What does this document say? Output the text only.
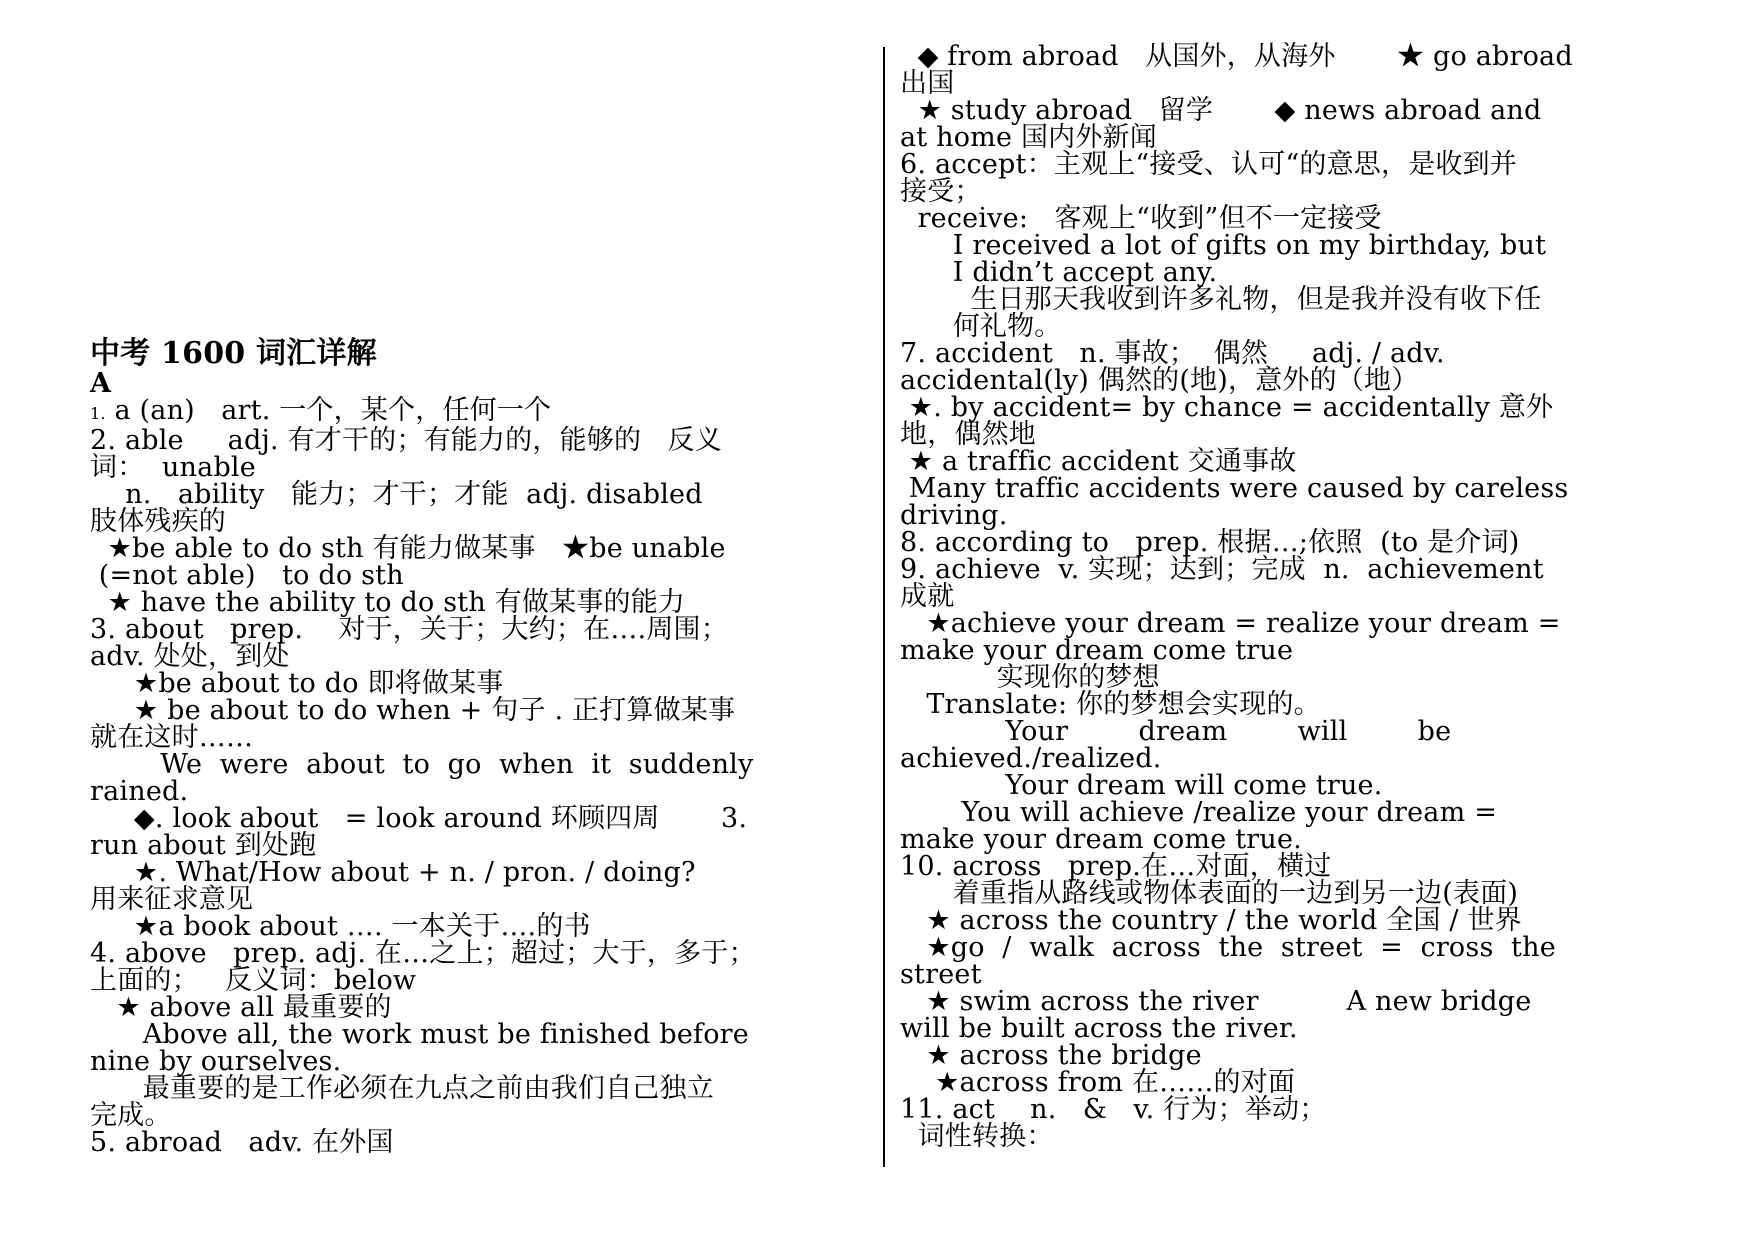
中考 1600 词汇详解
A
1. a (an)   art. 一个，某个，任何一个
2. able     adj. 有才干的；有能力的，能够的   反义
词：  unable
n.   ability   能力；才干；才能  adj. disabled
肢体残疾的
★be able to do sth 有能力做某事   ★be unable
(=not able)   to do sth
★ have the ability to do sth 有做某事的能力
3. about   prep.    对于，关于；大约；在….周围；
adv. 处处，到处
★be about to do 即将做某事
★ be about to do when + 句子 . 正打算做某事
就在这时……
We  were  about  to  go  when  it  suddenly
rained.
◆. look about   = look around 环顾四周       3.
run about 到处跑
★. What/How about + n. / pron. / doing?
用来征求意见
★a book about …. 一本关于….的书
4. above   prep. adj. 在…之上；超过；大于，多于；
上面的；   反义词：below
★ above all 最重要的
Above all, the work must be finished before
nine by ourselves.
最重要的是工作必须在九点之前由我们自己独立
完成。
5. abroad   adv. 在外国
◆ from abroad   从国外，从海外       ★ go abroad
出国
★ study abroad   留学       ◆ news abroad and
at home 国内外新闻
6. accept：主观上“接受、认可“的意思，是收到并
接受；
receive:   客观上“收到”但不一定接受
I received a lot of gifts on my birthday, but
I didn’t accept any.
生日那天我收到许多礼物，但是我并没有收下任
何礼物。
7. accident   n. 事故；  偶然     adj. / adv.
accidental(ly) 偶然的(地)，意外的（地）
★. by accident= by chance = accidentally 意外
地，偶然地
★ a traffic accident 交通事故
Many traffic accidents were caused by careless
driving.
8. according to   prep. 根据…;依照  (to 是介词)
9. achieve  v. 实现；达到；完成  n.  achievement
成就
★achieve your dream = realize your dream =
make your dream come true
实现你的梦想
Translate: 你的梦想会实现的。
Your        dream        will        be
achieved./realized.
Your dream will come true.
You will achieve /realize your dream =
make your dream come true.
10. across   prep.在…对面，横过
着重指从路线或物体表面的一边到另一边(表面)
★ across the country / the world 全国 / 世界
★go  /  walk  across  the  street  =  cross  the
street
★ swim across the river          A new bridge
will be built across the river.
★ across the bridge
★across from 在……的对面
11. act    n.   &   v. 行为；举动；
词性转换：
